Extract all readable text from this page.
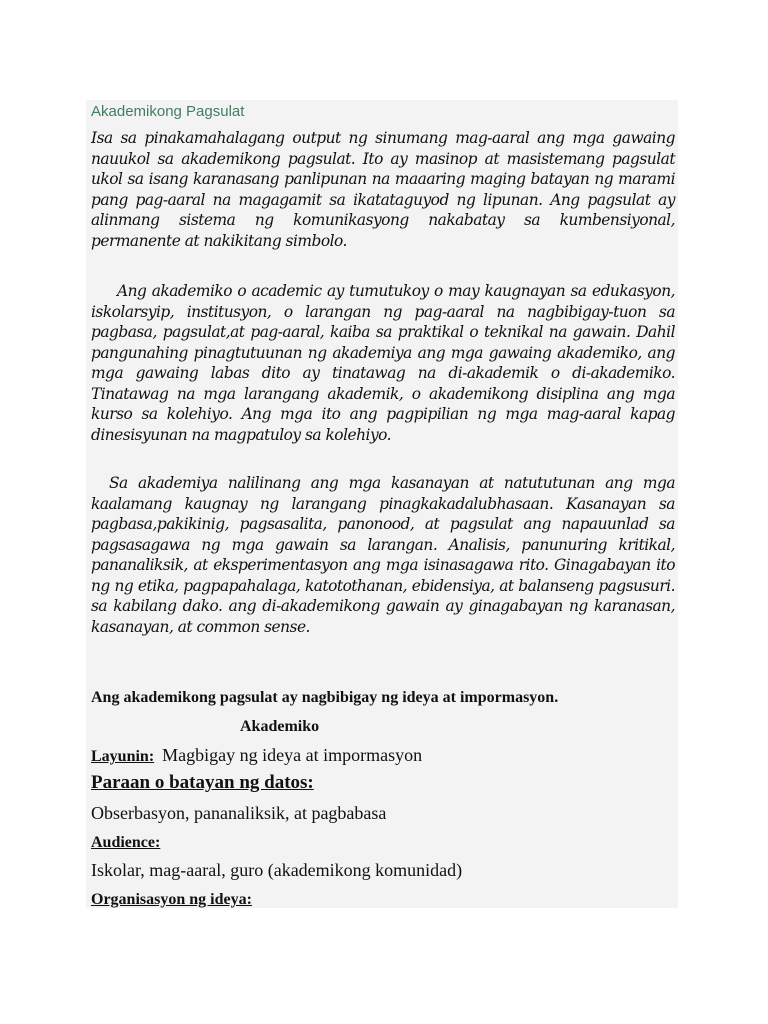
Akademikong Pagsulat

Isa sa pinakamahalagang output ng sinumang mag-aaral ang mga gawaing nauukol sa akademikong pagsulat. Ito ay masinop at masistemang pagsulat ukol sa isang karanasang panlipunan na maaaring maging batayan ng marami pang pag-aaral na magagamit sa ikatataguyod ng lipunan. Ang pagsulat ay alinmang sistema ng komunikasyong nakabatay sa kumbensiyonal, permanente at nakikitang simbolo.

Ang akademiko o academic ay tumutukoy o may kaugnayan sa edukasyon, iskolarsyip, institusyon, o larangan ng pag-aaral na nagbibigay-tuon sa pagbasa, pagsulat,at pag-aaral, kaiba sa praktikal o teknikal na gawain. Dahil pangunahing pinagtutuunan ng akademiya ang mga gawaing akademiko, ang mga gawaing labas dito ay tinatawag na di-akademik o di-akademiko. Tinatawag na mga larangang akademik, o akademikong disiplina ang mga kurso sa kolehiyo. Ang mga ito ang pagpipilian ng mga mag-aaral kapag dinesisyunan na magpatuloy sa kolehiyo.

Sa akademiya nalilinang ang mga kasanayan at natututunan ang mga kaalamang kaugnay ng larangang pinagkakadalubhasaan. Kasanayan sa pagbasa,pakikinig, pagsasalita, panonood, at pagsulat ang napauunlad sa pagsasagawa ng mga gawain sa larangan. Analisis, panunuring kritikal, pananaliksik, at eksperimentasyon ang mga isinasagawa rito. Ginagabayan ito ng ng etika, pagpapahalaga, katotothanan, ebidensiya, at balanseng pagsusuri. sa kabilang dako. ang di-akademikong gawain ay ginagabayan ng karanasan, kasanayan, at common sense.

Ang akademikong pagsulat ay nagbibigay ng ideya at impormasyon.

Akademiko

Layunin: Magbigay ng ideya at impormasyon

Paraan o batayan ng datos:

Obserbasyon, pananaliksik, at pagbabasa

Audience:

Iskolar, mag-aaral, guro (akademikong komunidad)

Organisasyon ng ideya:
